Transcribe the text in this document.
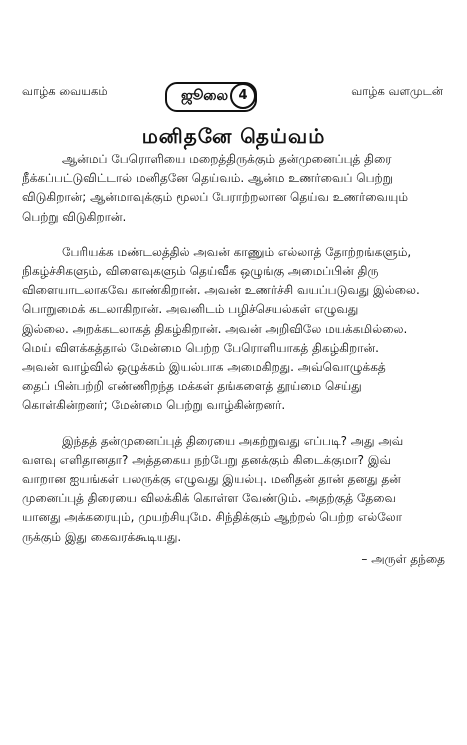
வாழ்க வையகம்	ஜூலை 4	வாழ்க வளமுடன்
மனிதனே தெய்வம்
ஆன்மப் பேரொளியை மறைத்திருக்கும் தன்முனைப்புத் திரை
நீக்கப்பட்டுவிட்டால் மனிதனே தெய்வம். ஆன்ம உணர்வைப் பெற்று
விடுகிறான்; ஆன்மாவுக்கும் மூலப் பேராற்றலான தெய்வ உணர்வையும்
பெற்று விடுகிறான்.
பேரியக்க மண்டலத்தில் அவன் காணும் எல்லாத் தோற்றங்களும்,
நிகழ்ச்சிகளும், விளைவுகளும் தெய்வீக ஒழுங்கு அமைப்பின் திரு
விளையாடலாகவே காண்கிறான். அவன் உணர்ச்சி வயப்படுவது இல்லை.
பொறுமைக் கடலாகிறான். அவனிடம் பழிச்செயல்கள் எழுவது
இல்லை. அறக்கடலாகத் திகழ்கிறான். அவன் அறிவிலே மயக்கமில்லை.
மெய் விளக்கத்தால் மேன்மை பெற்ற பேரொளியாகத் திகழ்கிறான்.
அவன் வாழ்வில் ஒழுக்கம் இயல்பாக அமைகிறது. அவ்வொழுக்கத்
தைப் பின்பற்றி எண்ணிறந்த மக்கள் தங்களைத் தூய்மை செய்து
கொள்கின்றனர்; மேன்மை பெற்று வாழ்கின்றனர்.
இந்தத் தன்முனைப்புத் திரையை அகற்றுவது எப்படி? அது அவ்
வளவு எளிதானதா? அத்தகைய நற்பேறு தனக்கும் கிடைக்குமா? இவ்
வாறான ஐயங்கள் பலருக்கு எழுவது இயல்பு. மனிதன் தான் தனது தன்
முனைப்புத் திரையை விலக்கிக் கொள்ள வேண்டும். அதற்குத் தேவை
யானது அக்கரையும், முயற்சியுமே. சிந்திக்கும் ஆற்றல் பெற்ற எல்லோ
ருக்கும் இது கைவரக்கூடியது.
– அருள் தந்தை
